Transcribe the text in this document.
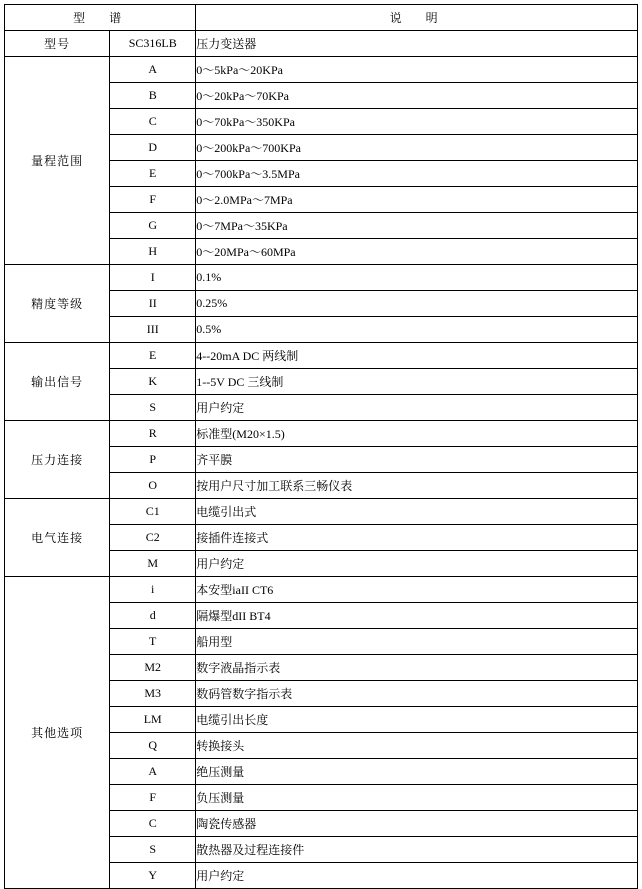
型　谱		说　明
型号	SC316LB	压力变送器
量程范围	A	0～5kPa～20KPa
	B	0～20kPa～70KPa
	C	0～70kPa～350KPa
	D	0～200kPa～700KPa
	E	0～700kPa～3.5MPa
	F	0～2.0MPa～7MPa
	G	0～7MPa～35KPa
	H	0～20MPa～60MPa
精度等级	I	0.1%
	II	0.25%
	III	0.5%
输出信号	E	4--20mA DC 两线制
	K	1--5V DC 三线制
	S	用户约定
压力连接	R	标准型(M20×1.5)
	P	齐平膜
	O	按用户尺寸加工联系三畅仪表
电气连接	C1	电缆引出式
	C2	接插件连接式
	M	用户约定
其他选项	i	本安型iaII CT6
	d	隔爆型dII BT4
	T	船用型
	M2	数字液晶指示表
	M3	数码管数字指示表
	LM	电缆引出长度
	Q	转换接头
	A	绝压测量
	F	负压测量
	C	陶瓷传感器
	S	散热器及过程连接件
	Y	用户约定
